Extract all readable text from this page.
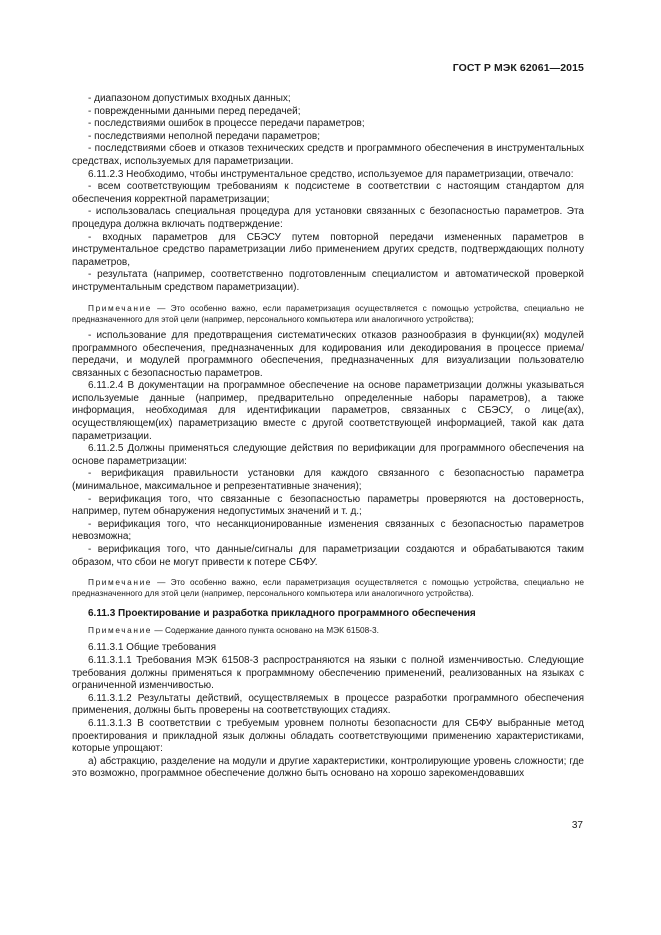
ГОСТ Р МЭК 62061—2015

- диапазоном допустимых входных данных;

- поврежденными данными перед передачей;

- последствиями ошибок в процессе передачи параметров;

- последствиями неполной передачи параметров;

- последствиями сбоев и отказов технических средств и программного обеспечения в инструментальных средствах, используемых для параметризации.

6.11.2.3 Необходимо, чтобы инструментальное средство, используемое для параметризации, отвечало:

- всем соответствующим требованиям к подсистеме в соответствии с настоящим стандартом для обеспечения корректной параметризации;

- использовалась специальная процедура для установки связанных с безопасностью параметров. Эта процедура должна включать подтверждение:

- входных параметров для СБЭСУ путем повторной передачи измененных параметров в инструментальное средство параметризации либо применением других средств, подтверждающих полноту параметров,

- результата (например, соответственно подготовленным специалистом и автоматической проверкой инструментальным средством параметризации).

Примечание — Это особенно важно, если параметризация осуществляется с помощью устройства, специально не предназначенного для этой цели (например, персонального компьютера или аналогичного устройства);

- использование для предотвращения систематических отказов разнообразия в функции(ях) модулей программного обеспечения, предназначенных для кодирования или декодирования в процессе приема/передачи, и модулей программного обеспечения, предназначенных для визуализации пользователю связанных с безопасностью параметров.

6.11.2.4 В документации на программное обеспечение на основе параметризации должны указываться используемые данные (например, предварительно определенные наборы параметров), а также информация, необходимая для идентификации параметров, связанных с СБЭСУ, о лице(ах), осуществляющем(их) параметризацию вместе с другой соответствующей информацией, такой как дата параметризации.

6.11.2.5 Должны применяться следующие действия по верификации для программного обеспечения на основе параметризации:

- верификация правильности установки для каждого связанного с безопасностью параметра (минимальное, максимальное и репрезентативные значения);

- верификация того, что связанные с безопасностью параметры проверяются на достоверность, например, путем обнаружения недопустимых значений и т. д.;

- верификация того, что несанкционированные изменения связанных с безопасностью параметров невозможна;

- верификация того, что данные/сигналы для параметризации создаются и обрабатываются таким образом, что сбои не могут привести к потере СБФУ.

Примечание — Это особенно важно, если параметризация осуществляется с помощью устройства, специально не предназначенного для этой цели (например, персонального компьютера или аналогичного устройства).

6.11.3 Проектирование и разработка прикладного программного обеспечения

Примечание — Содержание данного пункта основано на МЭК 61508-3.

6.11.3.1 Общие требования

6.11.3.1.1 Требования МЭК 61508-3 распространяются на языки с полной изменчивостью. Следующие требования должны применяться к программному обеспечению применений, реализованных на языках с ограниченной изменчивостью.

6.11.3.1.2 Результаты действий, осуществляемых в процессе разработки программного обеспечения применения, должны быть проверены на соответствующих стадиях.

6.11.3.1.3 В соответствии с требуемым уровнем полноты безопасности для СБФУ выбранные метод проектирования и прикладной язык должны обладать соответствующими применению характеристиками, которые упрощают:

а) абстракцию, разделение на модули и другие характеристики, контролирующие уровень сложности; где это возможно, программное обеспечение должно быть основано на хорошо зарекомендовавших

37
